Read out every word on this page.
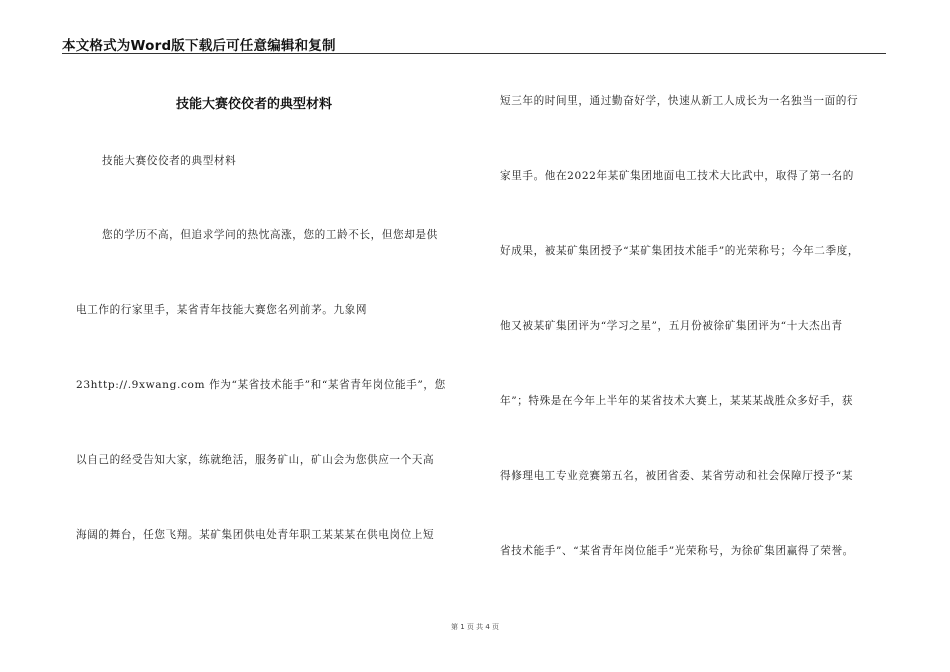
本文格式为Word版下载后可任意编辑和复制
技能大赛佼佼者的典型材料
技能大赛佼佼者的典型材料
您的学历不高，但追求学问的热忱高涨，您的工龄不长，但您却是供
电工作的行家里手，某省青年技能大赛您名列前茅。九象网
23http://.9xwang.com 作为“某省技术能手”和“某省青年岗位能手”，您
以自己的经受告知大家，练就绝活，服务矿山，矿山会为您供应一个天高
海阔的舞台，任您飞翔。某矿集团供电处青年职工某某某在供电岗位上短
短三年的时间里，通过勤奋好学，快速从新工人成长为一名独当一面的行
家里手。他在2022年某矿集团地面电工技术大比武中，取得了第一名的
好成果，被某矿集团授予“某矿集团技术能手”的光荣称号；今年二季度，
他又被某矿集团评为“学习之星”，五月份被徐矿集团评为“十大杰出青
年”；特殊是在今年上半年的某省技术大赛上，某某某战胜众多好手，获
得修理电工专业竞赛第五名，被团省委、某省劳动和社会保障厅授予“某
省技术能手”、“某省青年岗位能手”光荣称号，为徐矿集团赢得了荣誉。
第 1 页 共 4 页
